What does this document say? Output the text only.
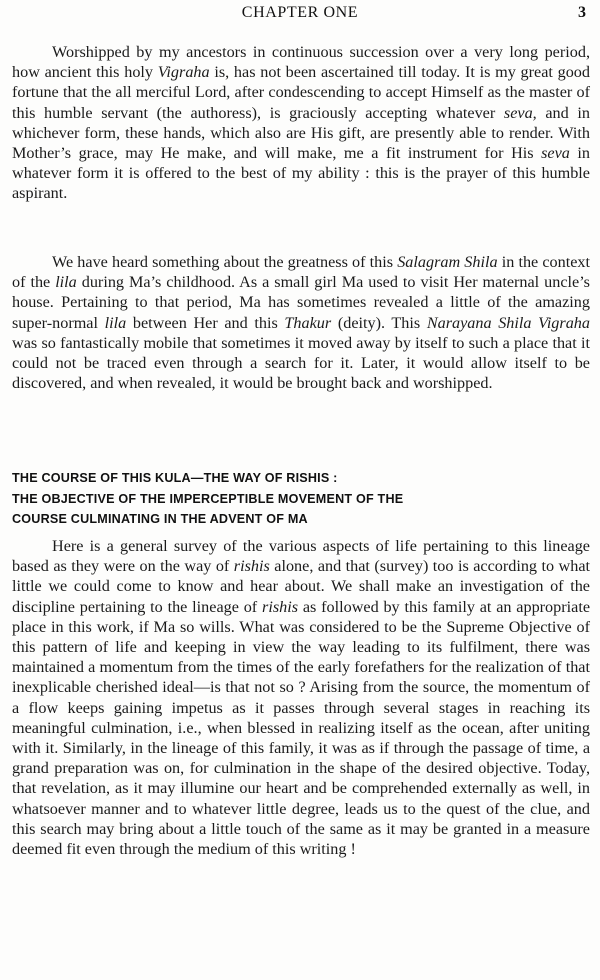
CHAPTER ONE	3

Worshipped by my ancestors in continuous succession over a very long period, how ancient this holy Vigraha is, has not been ascertained till today. It is my great good fortune that the all merciful Lord, after condescending to accept Himself as the master of this humble servant (the authoress), is graciously accepting whatever seva, and in whichever form, these hands, which also are His gift, are presently able to render. With Mother’s grace, may He make, and will make, me a fit instrument for His seva in whatever form it is offered to the best of my ability : this is the prayer of this humble aspirant.

We have heard something about the greatness of this Salagram Shila in the context of the lila during Ma’s childhood. As a small girl Ma used to visit Her maternal uncle’s house. Pertaining to that period, Ma has sometimes revealed a little of the amazing super-normal lila between Her and this Thakur (deity). This Narayana Shila Vigraha was so fantastically mobile that sometimes it moved away by itself to such a place that it could not be traced even through a search for it. Later, it would allow itself to be discovered, and when revealed, it would be brought back and worshipped.

THE COURSE OF THIS KULA—THE WAY OF RISHIS :
THE OBJECTIVE OF THE IMPERCEPTIBLE MOVEMENT OF THE
COURSE CULMINATING IN THE ADVENT OF MA

Here is a general survey of the various aspects of life pertaining to this lineage based as they were on the way of rishis alone, and that (survey) too is according to what little we could come to know and hear about. We shall make an investigation of the discipline pertaining to the lineage of rishis as followed by this family at an appropriate place in this work, if Ma so wills. What was considered to be the Supreme Objective of this pattern of life and keeping in view the way leading to its fulfilment, there was maintained a momentum from the times of the early forefathers for the realization of that inexplicable cherished ideal—is that not so ? Arising from the source, the momentum of a flow keeps gaining impetus as it passes through several stages in reaching its meaningful culmination, i.e., when blessed in realizing itself as the ocean, after uniting with it. Similarly, in the lineage of this family, it was as if through the passage of time, a grand preparation was on, for culmination in the shape of the desired objective. Today, that revelation, as it may illumine our heart and be comprehended externally as well, in whatsoever manner and to whatever little degree, leads us to the quest of the clue, and this search may bring about a little touch of the same as it may be granted in a measure deemed fit even through the medium of this writing !
